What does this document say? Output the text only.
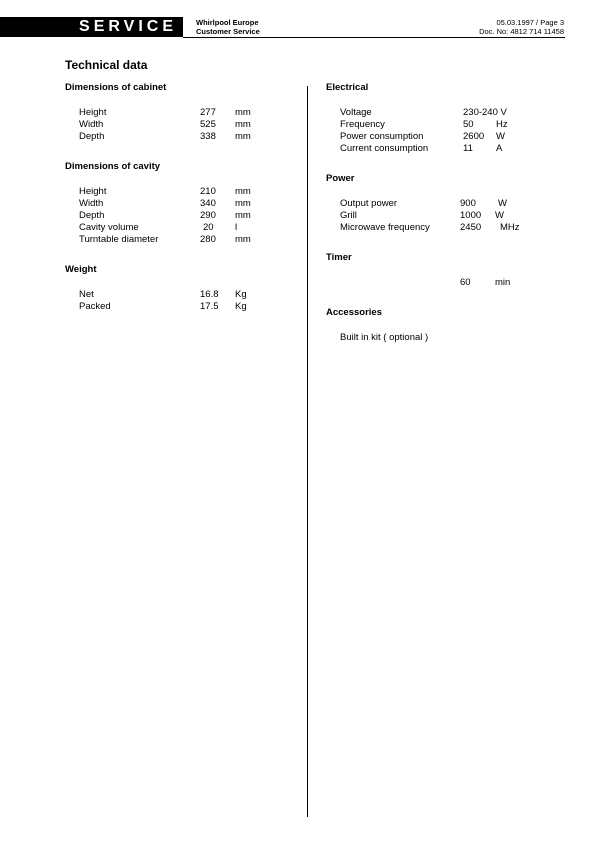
SERVICE	Whirlpool Europe
Customer Service
05.03.1997 / Page 3
Doc. No: 4812 714 11458
Technical data
Dimensions of cabinet
Height	277 mm
Width	525 mm
Depth	338 mm
Dimensions of cavity
Height	210 mm
Width	340 mm
Depth	290 mm
Cavity volume	20 l
Turntable diameter	280 mm
Weight
Net	16.8 Kg
Packed	17.5 Kg
Electrical
Voltage	230-240 V
Frequency	50 Hz
Power consumption	2600 W
Current consumption	11 A
Power
Output power	900 W
Grill	1000 W
Microwave frequency	2450 MHz
Timer
60	min
Accessories
Built in kit ( optional )
